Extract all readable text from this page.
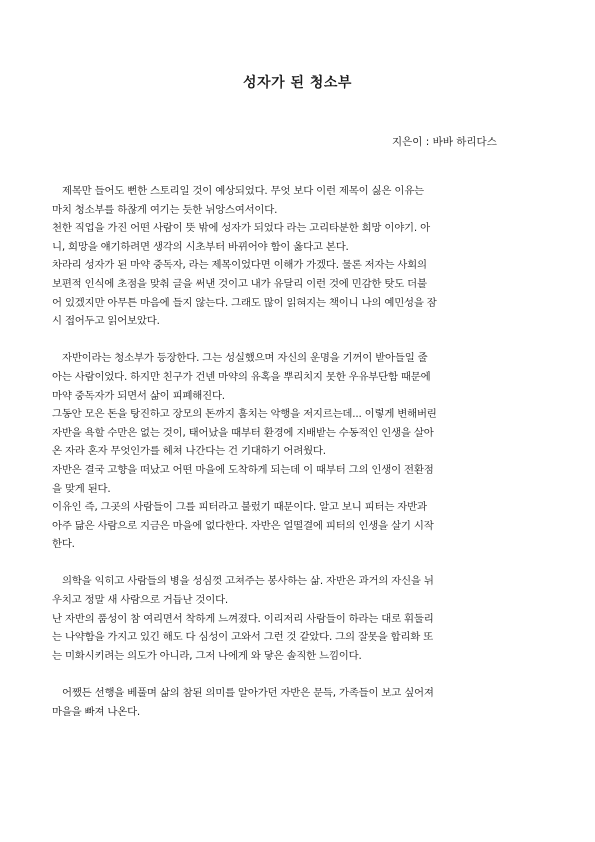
성자가 된 청소부
지은이 : 바바 하리다스
제목만 들어도 뻔한 스토리일 것이 예상되었다. 무엇 보다 이런 제목이 싫은 이유는
마치 청소부를 하찮게 여기는 듯한 뉘앙스여서이다.
천한 직업을 가진 어떤 사람이 뜻 밖에 성자가 되었다 라는 고리타분한 희망 이야기. 아
니, 희망을 얘기하려면 생각의 시초부터 바뀌어야 함이 옳다고 본다.
차라리 성자가 된 마약 중독자, 라는 제목이었다면 이해가 가겠다. 물론 저자는 사회의
보편적 인식에 초점을 맞춰 글을 써낸 것이고 내가 유달리 이런 것에 민감한 탓도 더불
어 있겠지만 아무튼 마음에 들지 않는다. 그래도 많이 읽혀지는 책이니 나의 예민성을 잠
시 접어두고 읽어보았다.
자반이라는 청소부가 등장한다. 그는 성실했으며 자신의 운명을 기꺼이 받아들일 줄
아는 사람이었다. 하지만 친구가 건넨 마약의 유혹을 뿌리치지 못한 우유부단함 때문에
마약 중독자가 되면서 삶이 피폐해진다.
그동안 모은 돈을 탕진하고 장모의 돈까지 훔치는 악행을 저지르는데... 이렇게 변해버린
자반을 욕할 수만은 없는 것이, 태어났을 때부터 환경에 지배받는 수동적인 인생을 살아
온 자라 혼자 무엇인가를 헤쳐 나간다는 건 기대하기 어려웠다.
자반은 결국 고향을 떠났고 어떤 마을에 도착하게 되는데 이 때부터 그의 인생이 전환점
을 맞게 된다.
이유인 즉, 그곳의 사람들이 그를 피터라고 불렀기 때문이다. 알고 보니 피터는 자반과
아주 닮은 사람으로 지금은 마을에 없다한다. 자반은 얼떨결에 피터의 인생을 살기 시작
한다.
의학을 익히고 사람들의 병을 성심껏 고쳐주는 봉사하는 삶. 자반은 과거의 자신을 뉘
우치고 정말 새 사람으로 거듭난 것이다.
난 자반의 품성이 참 여리면서 착하게 느껴졌다. 이리저리 사람들이 하라는 대로 휘둘리
는 나약함을 가지고 있긴 해도 다 심성이 고와서 그런 것 같았다. 그의 잘못을 합리화 또
는 미화시키려는 의도가 아니라, 그저 나에게 와 닿은 솔직한 느낌이다.
어쨌든 선행을 베풀며 삶의 참된 의미를 알아가던 자반은 문득, 가족들이 보고 싶어져
마을을 빠져 나온다.
